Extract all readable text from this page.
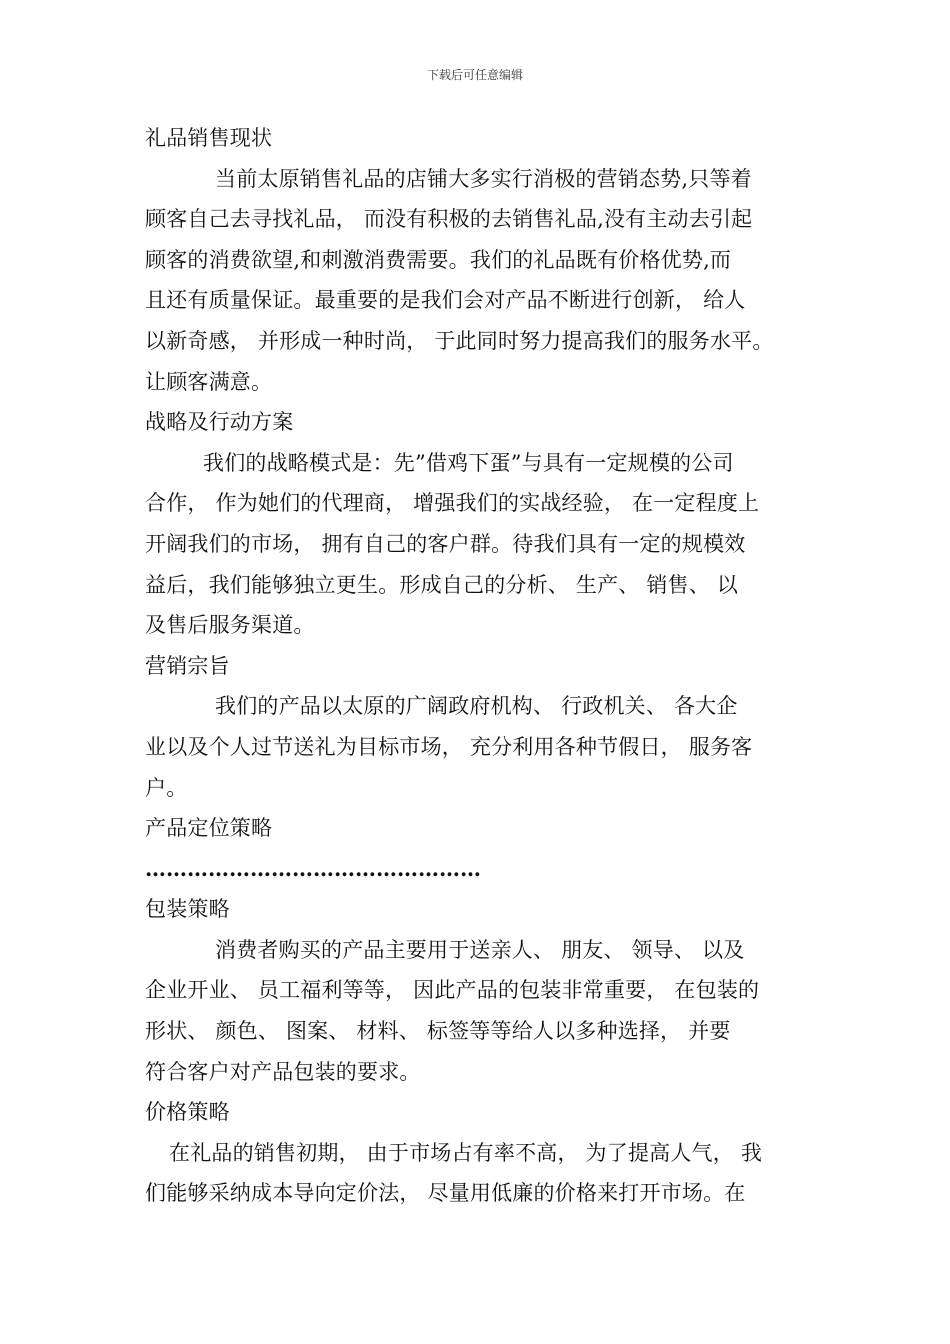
下载后可任意编辑
礼品销售现状
当前太原销售礼品的店铺大多实行消极的营销态势,只等着
顾客自己去寻找礼品， 而没有积极的去销售礼品,没有主动去引起
顾客的消费欲望,和刺激消费需要。我们的礼品既有价格优势,而
且还有质量保证。最重要的是我们会对产品不断进行创新， 给人
以新奇感， 并形成一种时尚， 于此同时努力提高我们的服务水平。
让顾客满意。
战略及行动方案
我们的战略模式是：先”借鸡下蛋”与具有一定规模的公司
合作， 作为她们的代理商， 增强我们的实战经验， 在一定程度上
开阔我们的市场， 拥有自己的客户群。待我们具有一定的规模效
益后，我们能够独立更生。形成自己的分析、 生产、 销售、 以
及售后服务渠道。
营销宗旨
我们的产品以太原的广阔政府机构、 行政机关、 各大企
业以及个人过节送礼为目标市场， 充分利用各种节假日， 服务客
户。
产品定位策略
…………………………………………
包装策略
消费者购买的产品主要用于送亲人、 朋友、 领导、 以及
企业开业、 员工福利等等， 因此产品的包装非常重要， 在包装的
形状、 颜色、 图案、 材料、 标签等等给人以多种选择， 并要
符合客户对产品包装的要求。
价格策略
在礼品的销售初期， 由于市场占有率不高， 为了提高人气， 我
们能够采纳成本导向定价法， 尽量用低廉的价格来打开市场。在
